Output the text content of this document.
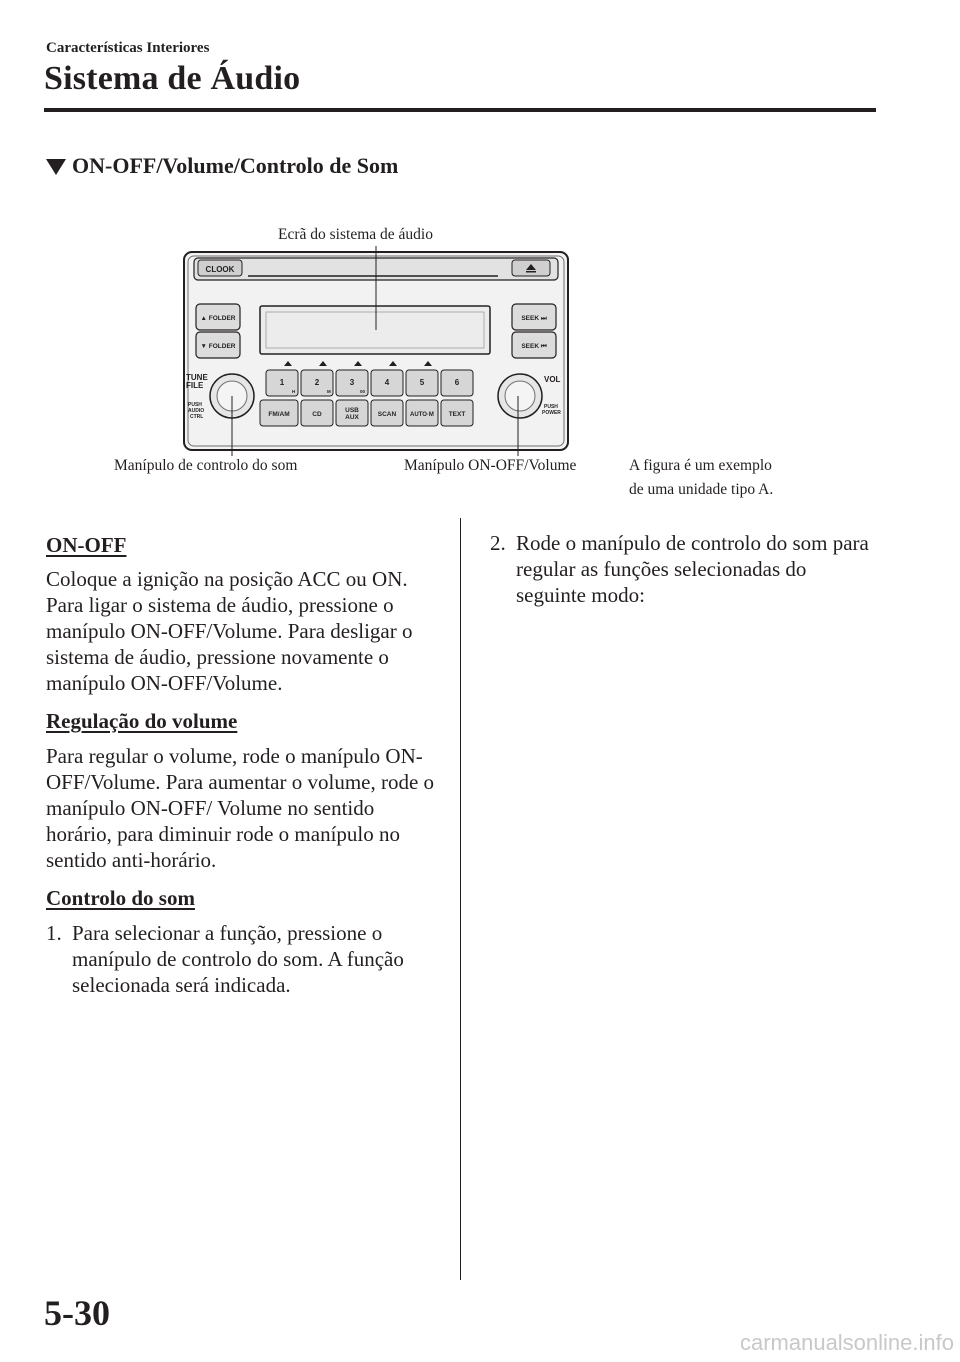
Características Interiores
Sistema de Áudio
ON-OFF/Volume/Controlo de Som
Ecrã do sistema de áudio
Manípulo de controlo do som	Manípulo ON-OFF/Volume	A figura é um exemplo
de uma unidade tipo A.
CLOOK
▲ FOLDER
▼ FOLDER
SEEK ⏭
SEEK ⏮
TUNE
FILE
PUSH
AUDIO
CTRL
VOL
PUSH
POWER
1	2	3	4	5	6
H	M	00
FM/AM	CD
USB
AUX	SCAN AUTO·M TEXT

ON-OFF

Coloque a ignição na posição ACC ou ON. Para ligar o sistema de áudio, pressione o manípulo ON-OFF/Volume. Para desligar o sistema de áudio, pressione novamente o manípulo ON-OFF/Volume.

Regulação do volume

Para regular o volume, rode o manípulo ON-OFF/Volume. Para aumentar o volume, rode o manípulo ON-OFF/ Volume no sentido horário, para diminuir rode o manípulo no sentido anti-horário.

Controlo do som

1. Para selecionar a função, pressione o manípulo de controlo do som. A função selecionada será indicada.
2. Rode o manípulo de controlo do som para regular as funções selecionadas do seguinte modo:
5-30
carmanualsonline.info
